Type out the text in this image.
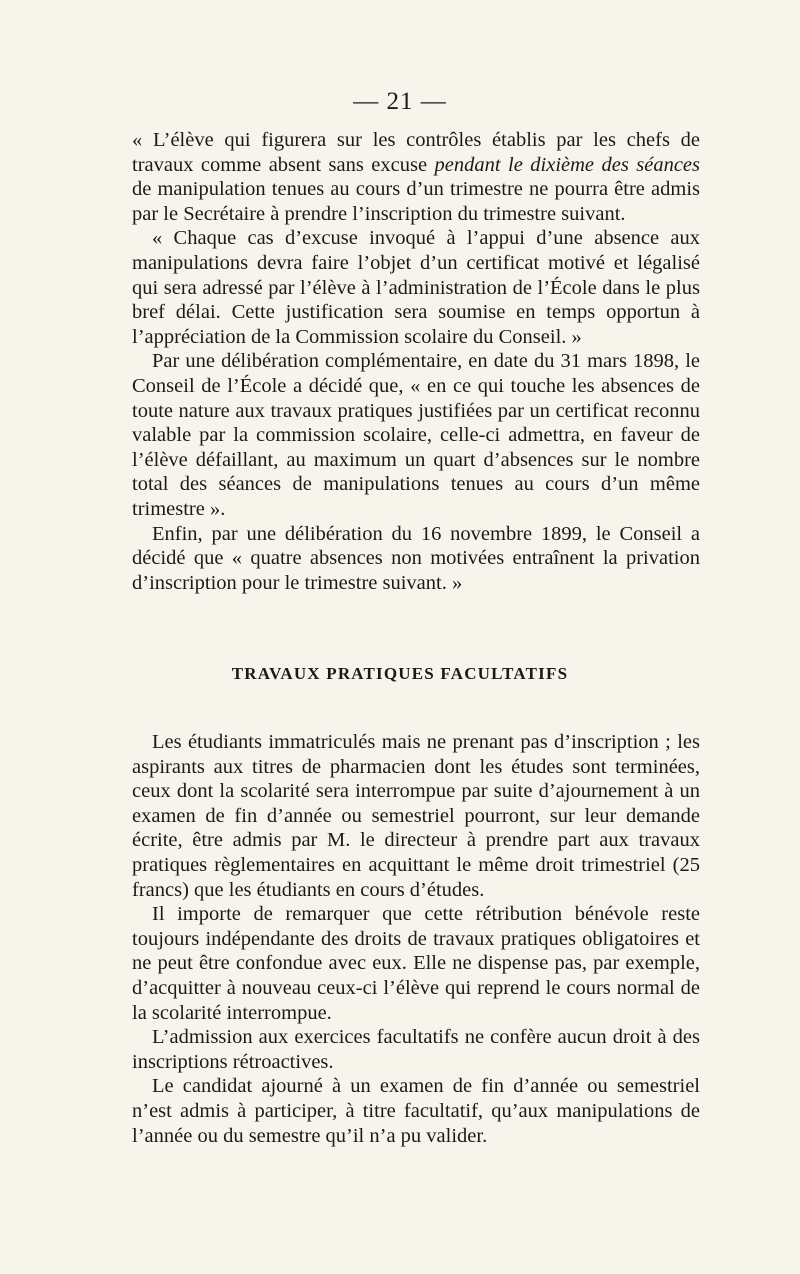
— 21 —

« L’élève qui figurera sur les contrôles établis par les chefs de travaux comme absent sans excuse pendant le dixième des séances de manipulation tenues au cours d’un trimestre ne pourra être admis par le Secrétaire à prendre l’inscription du trimestre suivant.

« Chaque cas d’excuse invoqué à l’appui d’une absence aux manipulations devra faire l’objet d’un certificat motivé et légalisé qui sera adressé par l’élève à l’administration de l’École dans le plus bref délai. Cette justification sera soumise en temps opportun à l’appréciation de la Commission scolaire du Conseil. »

Par une délibération complémentaire, en date du 31 mars 1898, le Conseil de l’École a décidé que, « en ce qui touche les absences de toute nature aux travaux pratiques justifiées par un certificat reconnu valable par la commission scolaire, celle-ci admettra, en faveur de l’élève défaillant, au maximum un quart d’absences sur le nombre total des séances de manipulations tenues au cours d’un même trimestre ».

Enfin, par une délibération du 16 novembre 1899, le Conseil a décidé que « quatre absences non motivées entraînent la privation d’inscription pour le trimestre suivant. »

TRAVAUX PRATIQUES FACULTATIFS

Les étudiants immatriculés mais ne prenant pas d’inscription ; les aspirants aux titres de pharmacien dont les études sont terminées, ceux dont la scolarité sera interrompue par suite d’ajournement à un examen de fin d’année ou semestriel pourront, sur leur demande écrite, être admis par M. le directeur à prendre part aux travaux pratiques règlementaires en acquittant le même droit trimestriel (25 francs) que les étudiants en cours d’études.

Il importe de remarquer que cette rétribution bénévole reste toujours indépendante des droits de travaux pratiques obligatoires et ne peut être confondue avec eux. Elle ne dispense pas, par exemple, d’acquitter à nouveau ceux-ci l’élève qui reprend le cours normal de la scolarité interrompue.

L’admission aux exercices facultatifs ne confère aucun droit à des inscriptions rétroactives.

Le candidat ajourné à un examen de fin d’année ou semestriel n’est admis à participer, à titre facultatif, qu’aux manipulations de l’année ou du semestre qu’il n’a pu valider.
